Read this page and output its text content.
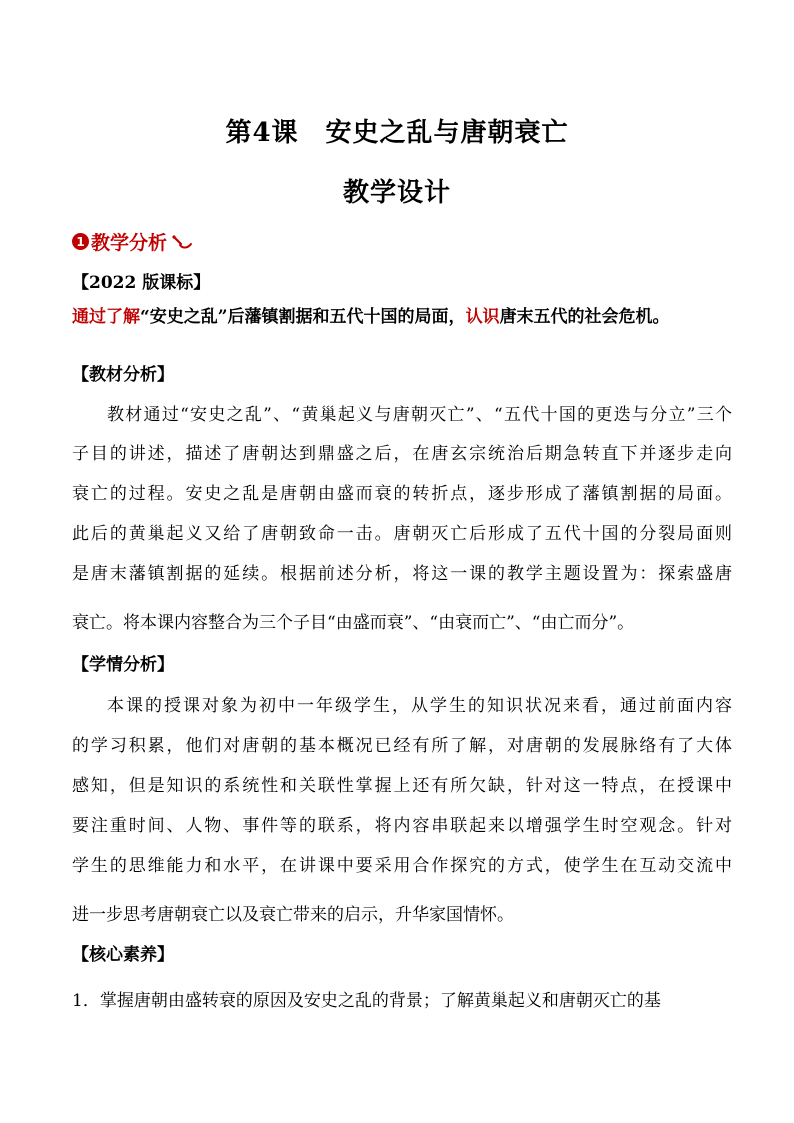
第4课　安史之乱与唐朝衰亡
教学设计
1 教学分析
【2022 版课标】
通过了解“安史之乱”后藩镇割据和五代十国的局面，认识唐末五代的社会危机。
【教材分析】
教材通过“安史之乱”、“黄巢起义与唐朝灭亡”、“五代十国的更迭与分立”三个
子目的讲述，描述了唐朝达到鼎盛之后，在唐玄宗统治后期急转直下并逐步走向
衰亡的过程。安史之乱是唐朝由盛而衰的转折点，逐步形成了藩镇割据的局面。
此后的黄巢起义又给了唐朝致命一击。唐朝灭亡后形成了五代十国的分裂局面则
是唐末藩镇割据的延续。根据前述分析，将这一课的教学主题设置为：探索盛唐
衰亡。将本课内容整合为三个子目“由盛而衰”、“由衰而亡”、“由亡而分”。
【学情分析】
本课的授课对象为初中一年级学生，从学生的知识状况来看，通过前面内容
的学习积累，他们对唐朝的基本概况已经有所了解，对唐朝的发展脉络有了大体
感知，但是知识的系统性和关联性掌握上还有所欠缺，针对这一特点，在授课中
要注重时间、人物、事件等的联系，将内容串联起来以增强学生时空观念。针对
学生的思维能力和水平，在讲课中要采用合作探究的方式，使学生在互动交流中
进一步思考唐朝衰亡以及衰亡带来的启示，升华家国情怀。
【核心素养】
1．掌握唐朝由盛转衰的原因及安史之乱的背景；了解黄巢起义和唐朝灭亡的基
